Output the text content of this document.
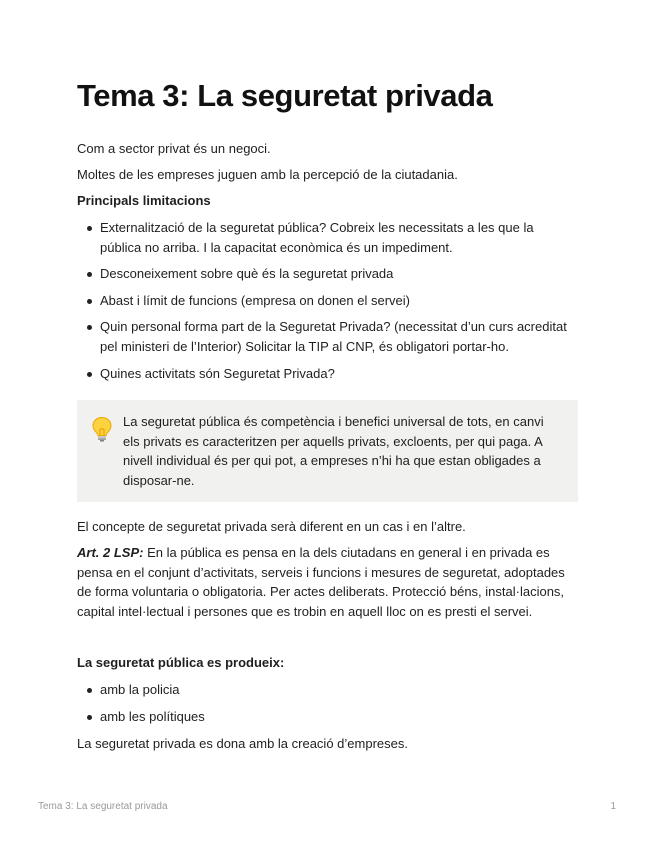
Tema 3: La seguretat privada

Com a sector privat és un negoci.

Moltes de les empreses juguen amb la percepció de la ciutadania.

Principals limitacions

Externalització de la seguretat pública? Cobreix les necessitats a les que la pública no arriba. I la capacitat econòmica és un impediment.
Desconeixement sobre què és la seguretat privada
Abast i límit de funcions (empresa on donen el servei)
Quin personal forma part de la Seguretat Privada? (necessitat d’un curs acreditat pel ministeri de l’Interior) Solicitar la TIP al CNP, és obligatori portar-ho.
Quines activitats són Seguretat Privada?
La seguretat pública és competència i benefici universal de tots, en canvi els privats es caracteritzen per aquells privats, excloents, per qui paga. A nivell individual és per qui pot, a empreses n’hi ha que estan obligades a disposar-ne.

El concepte de seguretat privada serà diferent en un cas i en l’altre.

Art. 2 LSP: En la pública es pensa en la dels ciutadans en general i en privada es pensa en el conjunt d’activitats, serveis i funcions i mesures de seguretat, adoptades de forma voluntaria o obligatoria. Per actes deliberats. Protecció béns, instal·lacions, capital intel·lectual i persones que es trobin en aquell lloc on es presti el servei.

La seguretat pública es produeix:

amb la policia
amb les polítiques

La seguretat privada es dona amb la creació d’empreses.

Tema 3: La seguretat privada	1
